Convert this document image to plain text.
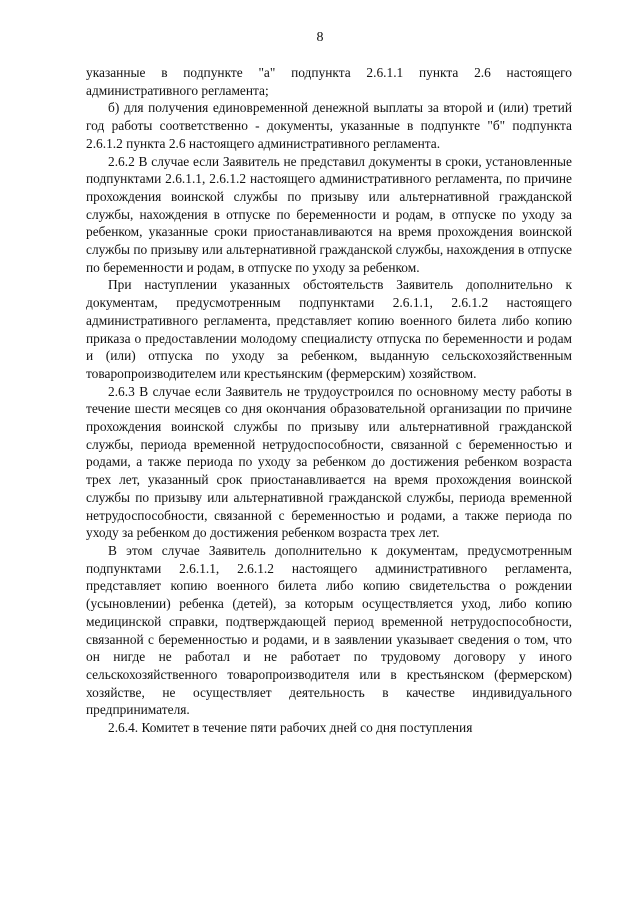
8

указанные в подпункте "а" подпункта 2.6.1.1 пункта 2.6 настоящего административного регламента;

б) для получения единовременной денежной выплаты за второй и (или) третий год работы соответственно - документы, указанные в подпункте "б" подпункта 2.6.1.2 пункта 2.6 настоящего административного регламента.

2.6.2 В случае если Заявитель не представил документы в сроки, установленные подпунктами 2.6.1.1, 2.6.1.2 настоящего административного регламента, по причине прохождения воинской службы по призыву или альтернативной гражданской службы, нахождения в отпуске по беременности и родам, в отпуске по уходу за ребенком, указанные сроки приостанавливаются на время прохождения воинской службы по призыву или альтернативной гражданской службы, нахождения в отпуске по беременности и родам, в отпуске по уходу за ребенком.

При наступлении указанных обстоятельств Заявитель дополнительно к документам, предусмотренным подпунктами 2.6.1.1, 2.6.1.2 настоящего административного регламента, представляет копию военного билета либо копию приказа о предоставлении молодому специалисту отпуска по беременности и родам и (или) отпуска по уходу за ребенком, выданную сельскохозяйственным товаропроизводителем или крестьянским (фермерским) хозяйством.

2.6.3 В случае если Заявитель не трудоустроился по основному месту работы в течение шести месяцев со дня окончания образовательной организации по причине прохождения воинской службы по призыву или альтернативной гражданской службы, периода временной нетрудоспособности, связанной с беременностью и родами, а также периода по уходу за ребенком до достижения ребенком возраста трех лет, указанный срок приостанавливается на время прохождения воинской службы по призыву или альтернативной гражданской службы, периода временной нетрудоспособности, связанной с беременностью и родами, а также периода по уходу за ребенком до достижения ребенком возраста трех лет.

В этом случае Заявитель дополнительно к документам, предусмотренным подпунктами 2.6.1.1, 2.6.1.2 настоящего административного регламента, представляет копию военного билета либо копию свидетельства о рождении (усыновлении) ребенка (детей), за которым осуществляется уход, либо копию медицинской справки, подтверждающей период временной нетрудоспособности, связанной с беременностью и родами, и в заявлении указывает сведения о том, что он нигде не работал и не работает по трудовому договору у иного сельскохозяйственного товаропроизводителя или в крестьянском (фермерском) хозяйстве, не осуществляет деятельность в качестве индивидуального предпринимателя.

2.6.4. Комитет в течение пяти рабочих дней со дня поступления
